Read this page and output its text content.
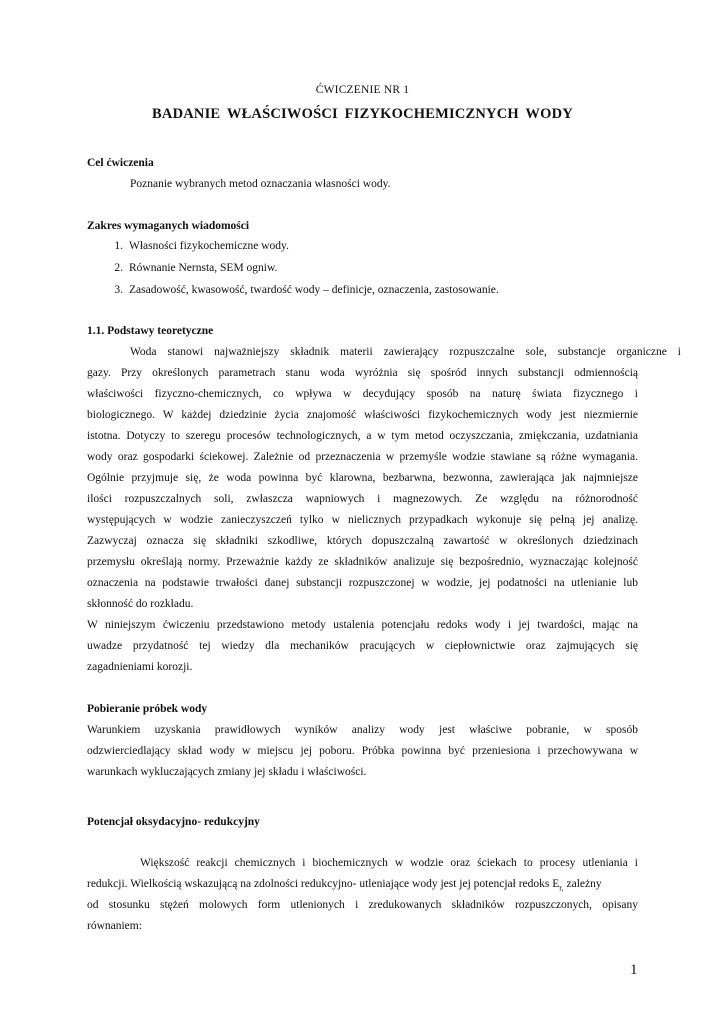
ĆWICZENIE NR 1
BADANIE WŁAŚCIWOŚCI FIZYKOCHEMICZNYCH WODY
Cel ćwiczenia
Poznanie wybranych metod oznaczania własności wody.
Zakres wymaganych wiadomości
1. Własności fizykochemiczne wody.
2. Równanie Nernsta, SEM ogniw.
3. Zasadowość, kwasowość, twardość wody – definicje, oznaczenia, zastosowanie.
1.1. Podstawy teoretyczne
Woda stanowi najważniejszy składnik materii zawierający rozpuszczalne sole, substancje organiczne i
gazy. Przy określonych parametrach stanu woda wyróżnia się spośród innych substancji odmiennością
właściwości fizyczno-chemicznych, co wpływa w decydujący sposób na naturę świata fizycznego i
biologicznego. W każdej dziedzinie życia znajomość właściwości fizykochemicznych wody jest niezmiernie
istotna. Dotyczy to szeregu procesów technologicznych, a w tym metod oczyszczania, zmiękczania, uzdatniania
wody oraz gospodarki ściekowej. Zależnie od przeznaczenia w przemyśle wodzie stawiane są różne wymagania.
Ogólnie przyjmuje się, że woda powinna być klarowna, bezbarwna, bezwonna, zawierająca jak najmniejsze
ilości rozpuszczalnych soli, zwłaszcza wapniowych i magnezowych. Ze względu na różnorodność
występujących w wodzie zanieczyszczeń tylko w nielicznych przypadkach wykonuje się pełną jej analizę.
Zazwyczaj oznacza się składniki szkodliwe, których dopuszczalną zawartość w określonych dziedzinach
przemysłu określają normy. Przeważnie każdy ze składników analizuje się bezpośrednio, wyznaczając kolejność
oznaczenia na podstawie trwałości danej substancji rozpuszczonej w wodzie, jej podatności na utlenianie lub
skłonność do rozkładu.
W niniejszym ćwiczeniu przedstawiono metody ustalenia potencjału redoks wody i jej twardości, mając na
uwadze przydatność tej wiedzy dla mechaników pracujących w ciepłownictwie oraz zajmujących się
zagadnieniami korozji.
Pobieranie próbek wody
Warunkiem uzyskania prawidłowych wyników analizy wody jest właściwe pobranie, w sposób
odzwierciedlający skład wody w miejscu jej poboru. Próbka powinna być przeniesiona i przechowywana w
warunkach wykluczających zmiany jej składu i właściwości.
Potencjał oksydacyjno- redukcyjny
Większość reakcji chemicznych i biochemicznych w wodzie oraz ściekach to procesy utleniania i
redukcji. Wielkością wskazującą na zdolności redukcyjno- utleniające wody jest jej potencjał redoks $E_{r,}$ zależny
od stosunku stężeń molowych form utlenionych i zredukowanych składników rozpuszczonych, opisany
równaniem:
1
